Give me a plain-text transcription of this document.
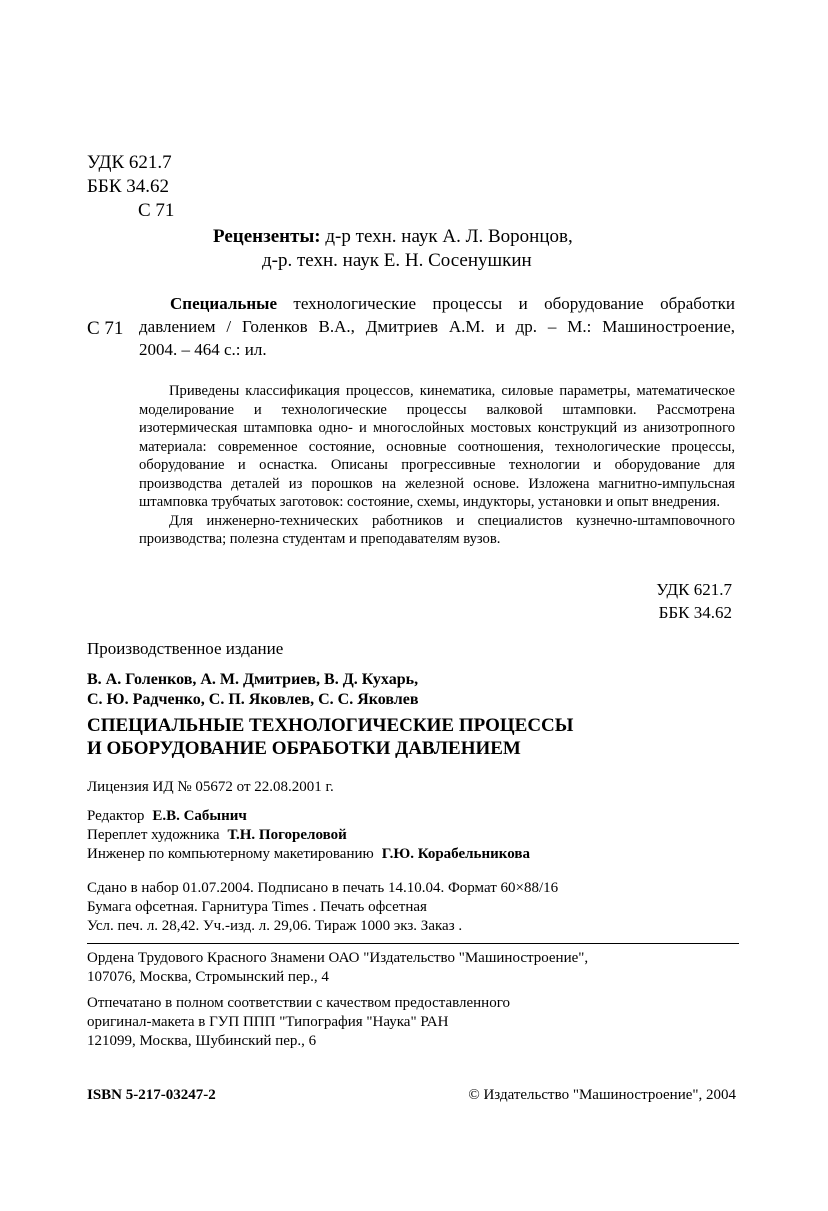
УДК 621.7
ББК 34.62
С 71
Рецензенты: д-р техн. наук А. Л. Воронцов,
д-р. техн. наук Е. Н. Сосенушкин
С 71
Специальные технологические процессы и оборудование обработки
давлением / Голенков В.А., Дмитриев А.М. и др. – М.: Машиностроение,
2004. – 464 с.: ил.

Приведены классификация процессов, кинематика, силовые параметры, математическое моделирование и технологические процессы валковой штамповки. Рассмотрена изотермическая штамповка одно- и многослойных мостовых конструкций из анизотропного материала: современное состояние, основные соотношения, технологические процессы, оборудование и оснастка. Описаны прогрессивные технологии и оборудование для производства деталей из порошков на железной основе. Изложена магнитно-импульсная штамповка трубчатых заготовок: состояние, схемы, индукторы, установки и опыт внедрения.

Для инженерно-технических работников и специалистов кузнечно-штамповочного производства; полезна студентам и преподавателям вузов.

УДК 621.7
ББК 34.62
Производственное издание
В. А. Голенков, А. М. Дмитриев, В. Д. Кухарь,
С. Ю. Радченко, С. П. Яковлев, С. С. Яковлев
СПЕЦИАЛЬНЫЕ ТЕХНОЛОГИЧЕСКИЕ ПРОЦЕССЫ
И ОБОРУДОВАНИЕ ОБРАБОТКИ ДАВЛЕНИЕМ
Лицензия ИД № 05672 от 22.08.2001 г.
Редактор Е.В. Сабынич
Переплет художника Т.Н. Погореловой
Инженер по компьютерному макетированию Г.Ю. Корабельникова
Сдано в набор 01.07.2004. Подписано в печать 14.10.04. Формат 60×88/16
Бумага офсетная. Гарнитура Times . Печать офсетная
Усл. печ. л. 28,42. Уч.-изд. л. 29,06. Тираж 1000 экз. Заказ .
Ордена Трудового Красного Знамени ОАО "Издательство "Машиностроение",
107076, Москва, Стромынский пер., 4
Отпечатано в полном соответствии с качеством предоставленного
оригинал-макета в ГУП ППП "Типография "Наука" РАН
121099, Москва, Шубинский пер., 6
ISBN 5-217-03247-2	© Издательство "Машиностроение", 2004
